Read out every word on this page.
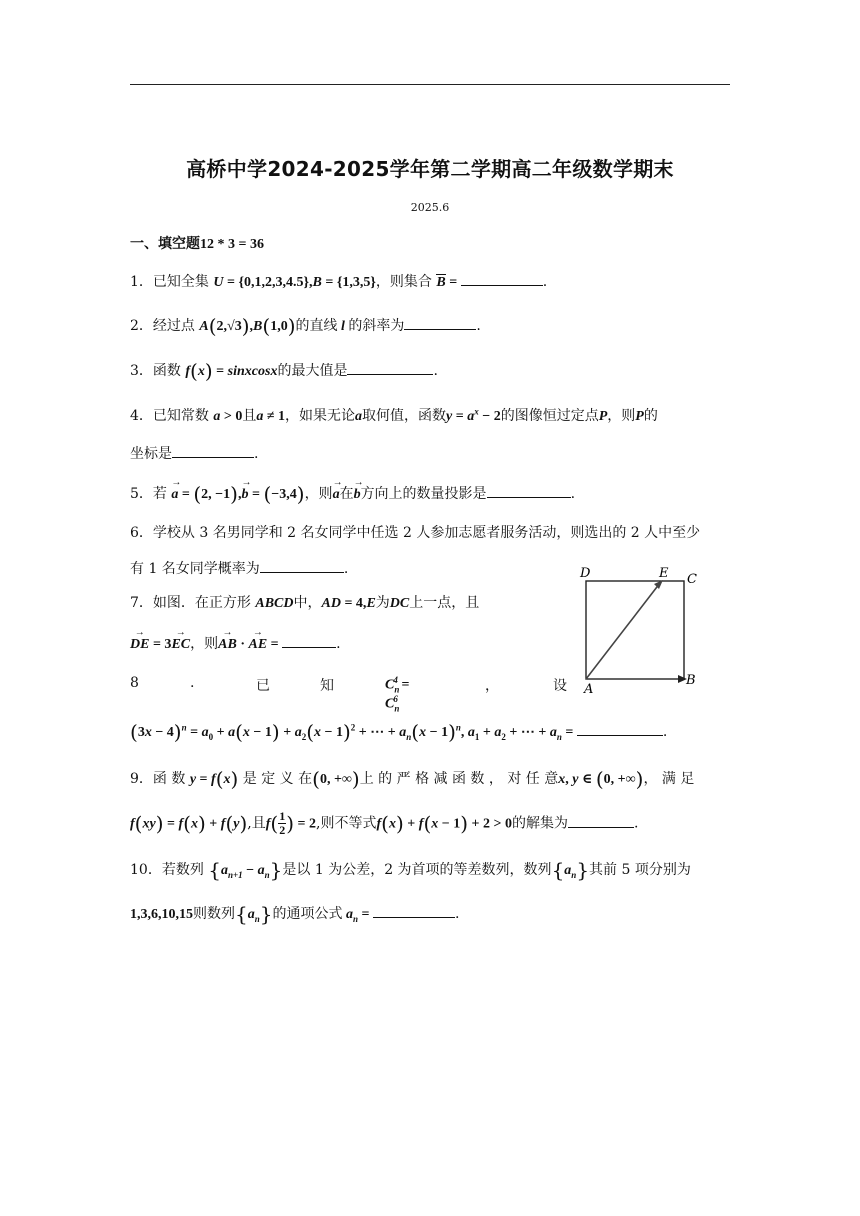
高桥中学2024-2025学年第二学期高二年级数学期末
2025.6
一、填空题12 * 3 = 36
1．已知全集 U = {0,1,2,3,4.5},B = {1,3,5}，则集合 B =	.
2．经过点 A(2,√3),B(1,0)的直线 l 的斜率为	.
3．函数 f(x) = sinxcosx的最大值是	.
4．已知常数 a > 0且a ≠ 1，如果无论a取何值，函数$y = a^x - 2$的图像恒过定点P，则P的
坐标是	.
5．若 → a = (2, −1),→ b = (−3,4)，则→ a在→ b方向上的数量投影是	.
6．学校从 3 名男同学和 2 名女同学中任选 2 人参加志愿者服务活动，则选出的 2 人中至少
有 1 名女同学概率为	.
7．如图．在正方形 ABCD中，AD = 4,E为DC上一点，且
→ DE = 3→ EC，则→ AB · → AE =	.
D	E C
A
B
8	.	已	知	$C_n^4 = C_n^6$
，	设
$(3x - 4)^n = a_0 + a(x - 1) + a_2(x - 1)^2$ + ⋯ + $a_n(x - 1)^n$, $a_1 + a_2$ + ⋯ + $a_n$ =	.
9．函 数 y = f(x) 是 定 义 在(0, +∞)上 的 严 格 减 函 数 ， 对 任 意x, y ∈ (0, +∞)， 满 足
f(xy) = f(x) + f(y),且$f( \frac{1}{2}$ ) = 2,则不等式f(x) + f(x − 1) + 2 > 0的解集为	.
10．若数列 $\{a_{n+1} - a_n\}$是以 1 为公差，2 为首项的等差数列，数列$\{a_n\}$其前 5 项分别为
1,3,6,10,15则数列$\{a_n\}$的通项公式 $a_n$ =	.
